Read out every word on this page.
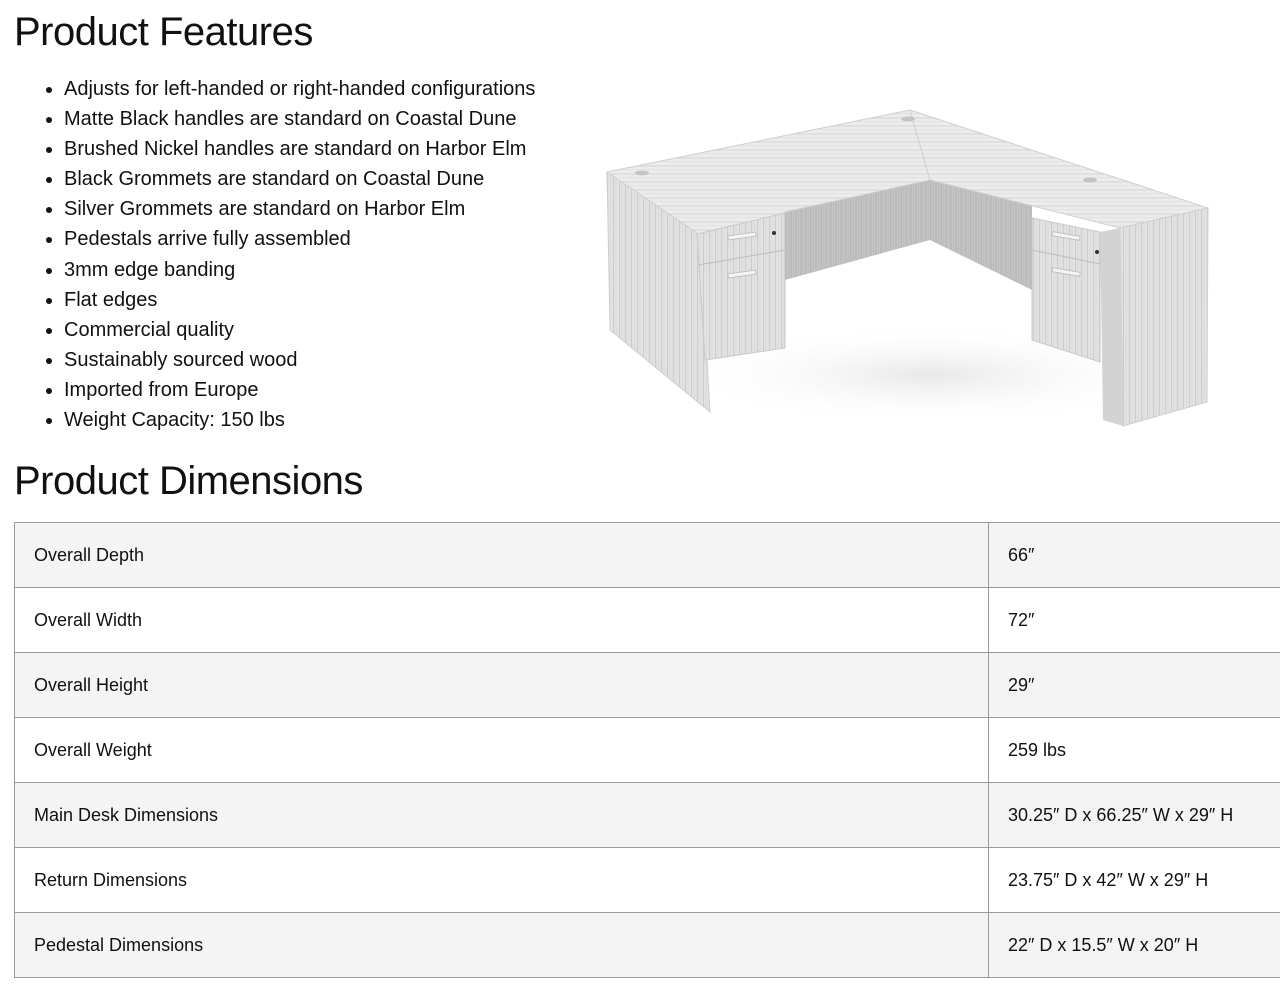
Product Features
• Adjusts for left-handed or right-handed configurations
• Matte Black handles are standard on Coastal Dune
• Brushed Nickel handles are standard on Harbor Elm
• Black Grommets are standard on Coastal Dune
• Silver Grommets are standard on Harbor Elm
• Pedestals arrive fully assembled
• 3mm edge banding
• Flat edges
• Commercial quality
• Sustainably sourced wood
• Imported from Europe
• Weight Capacity: 150 lbs
Product Dimensions
Overall Depth	66″
Overall Width	72″
Overall Height	29″
Overall Weight	259 lbs
Main Desk Dimensions	30.25″ D x 66.25″ W x 29″ H
Return Dimensions	23.75″ D x 42″ W x 29″ H
Pedestal Dimensions	22″ D x 15.5″ W x 20″ H
